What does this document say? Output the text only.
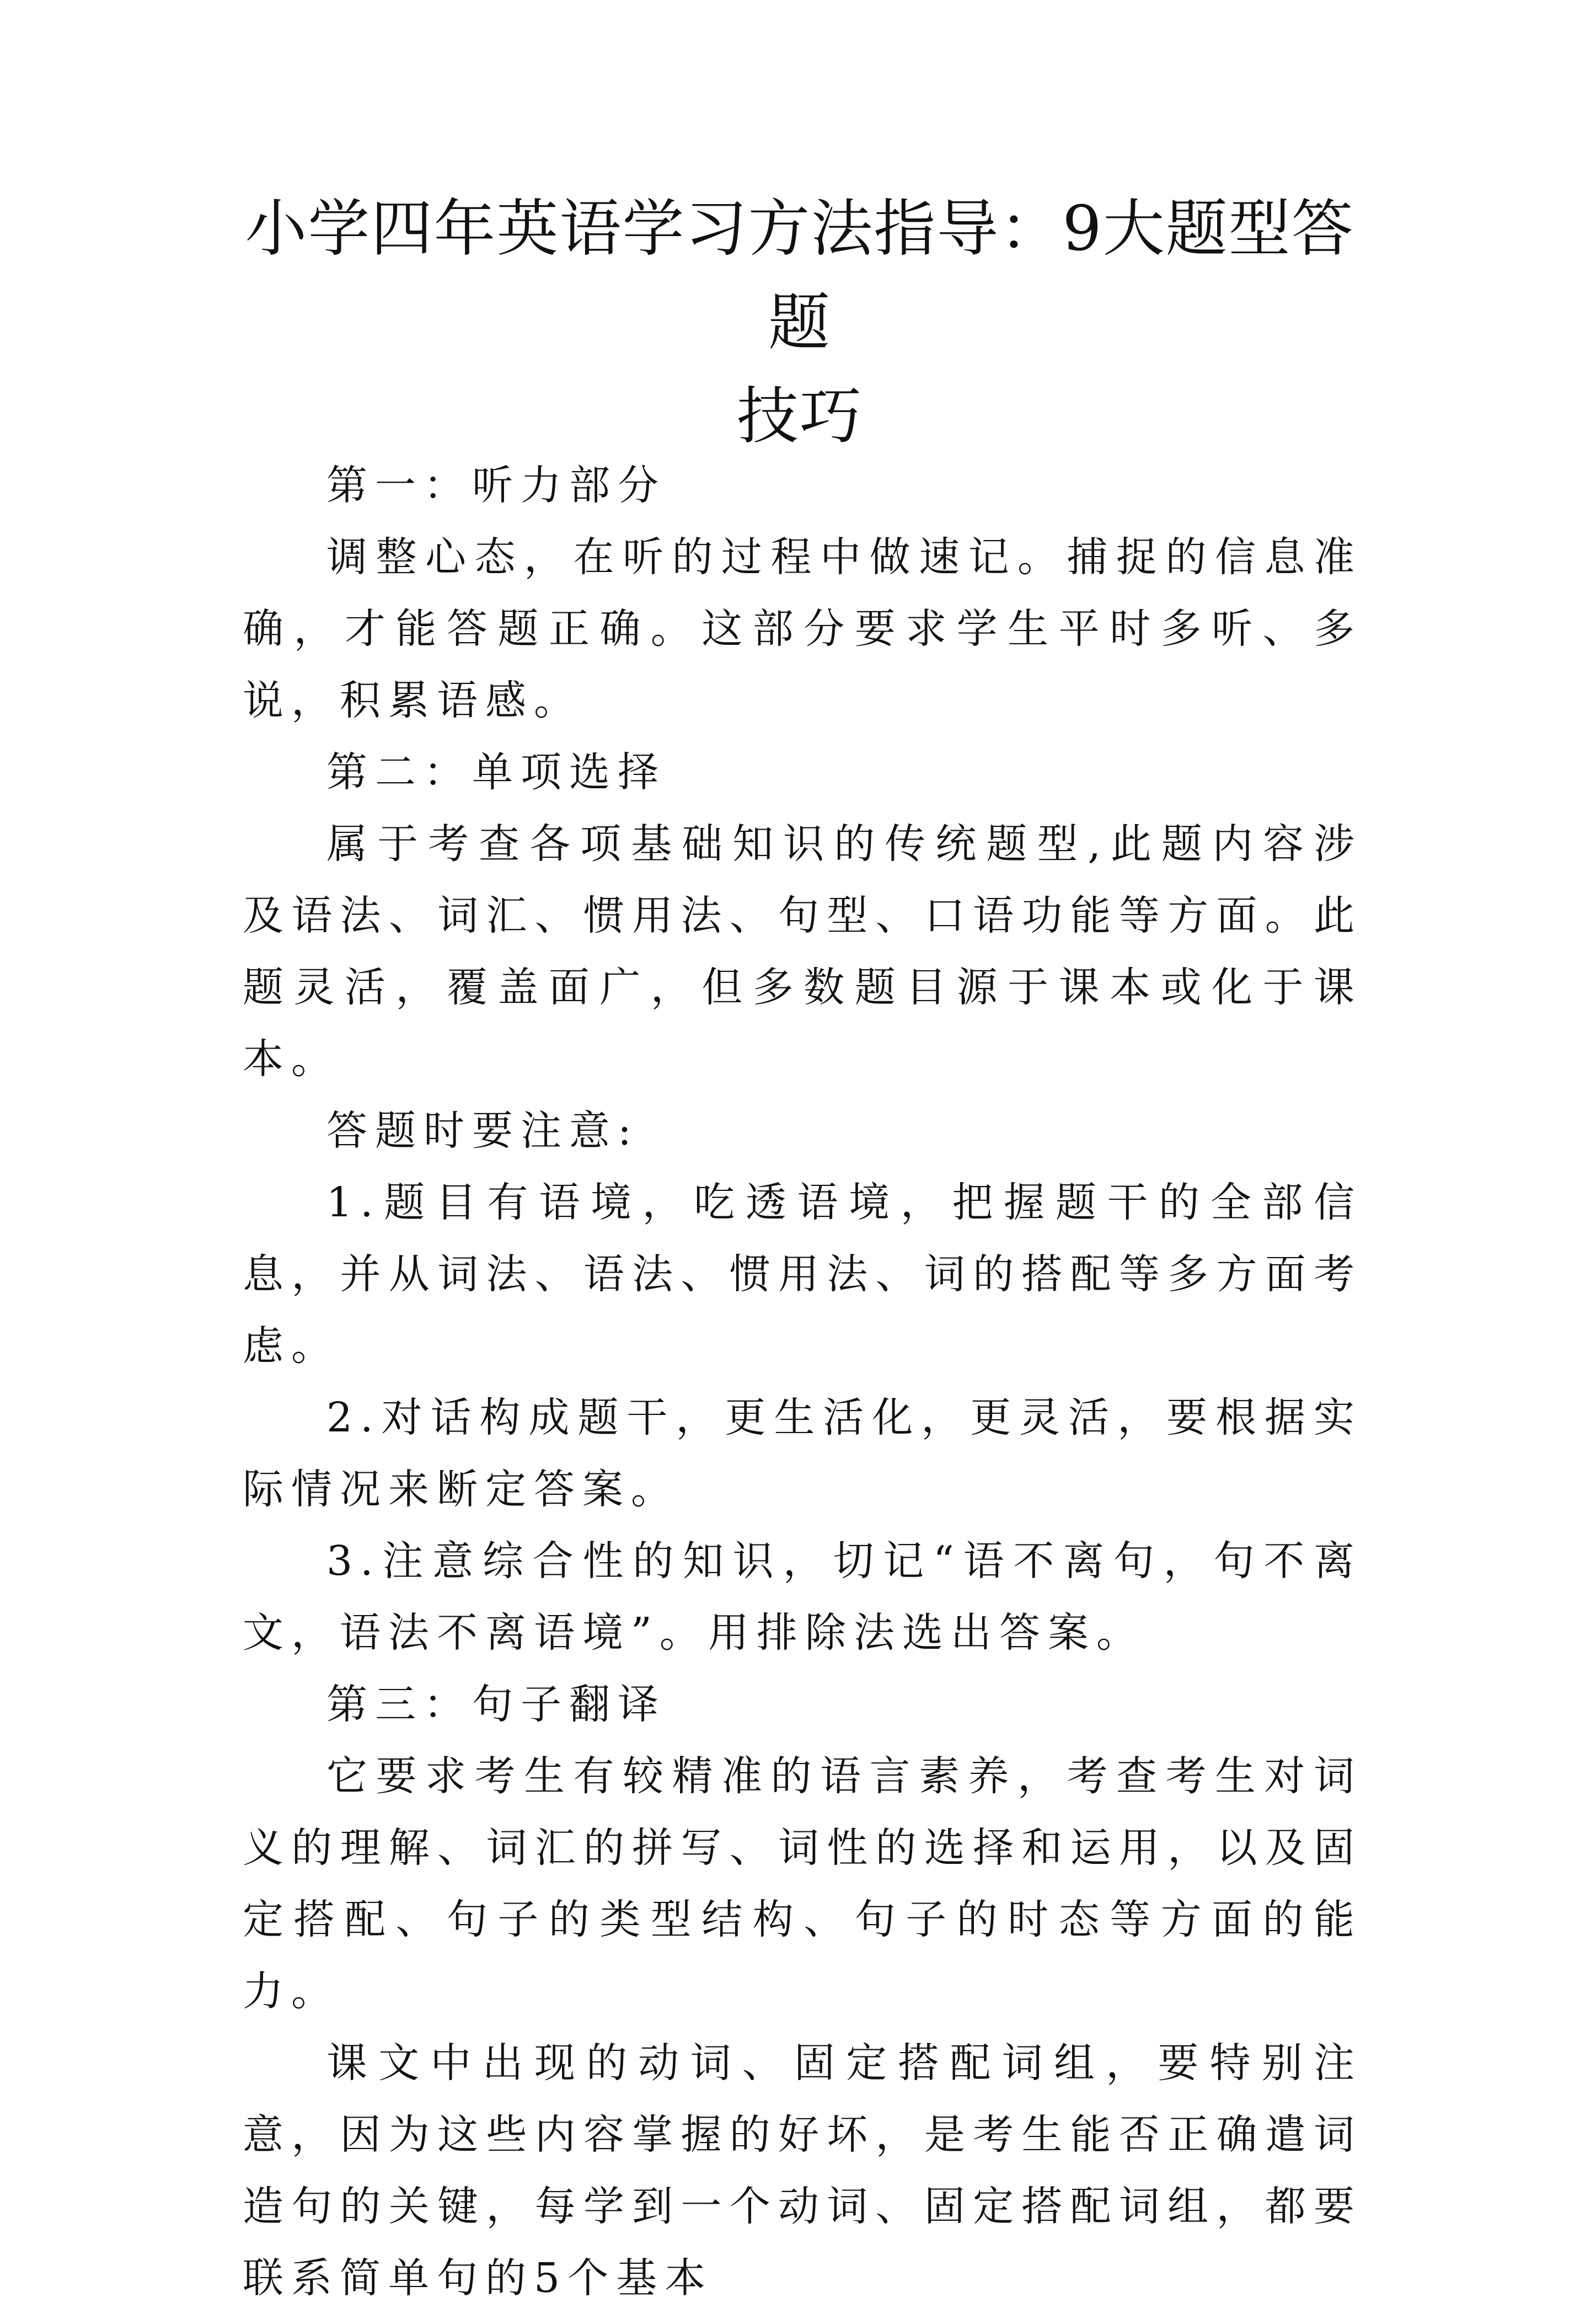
小学四年英语学习方法指导：9大题型答题
技巧

第一：听力部分

调整心态，在听的过程中做速记。捕捉的信息准确，才能答题正确。这部分要求学生平时多听、多说，积累语感。

第二：单项选择

属于考查各项基础知识的传统题型,此题内容涉及语法、词汇、惯用法、句型、口语功能等方面。此题灵活，覆盖面广，但多数题目源于课本或化于课本。

答题时要注意:

1.题目有语境，吃透语境，把握题干的全部信息，并从词法、语法、惯用法、词的搭配等多方面考虑。

2.对话构成题干，更生活化，更灵活，要根据实际情况来断定答案。

3.注意综合性的知识，切记“语不离句，句不离文，语法不离语境”。用排除法选出答案。

第三：句子翻译

它要求考生有较精准的语言素养，考查考生对词义的理解、词汇的拼写、词性的选择和运用，以及固定搭配、句子的类型结构、句子的时态等方面的能力。

课文中出现的动词、固定搭配词组，要特别注意，因为这些内容掌握的好坏，是考生能否正确遣词造句的关键，每学到一个动词、固定搭配词组，都要联系简单句的5个基本
